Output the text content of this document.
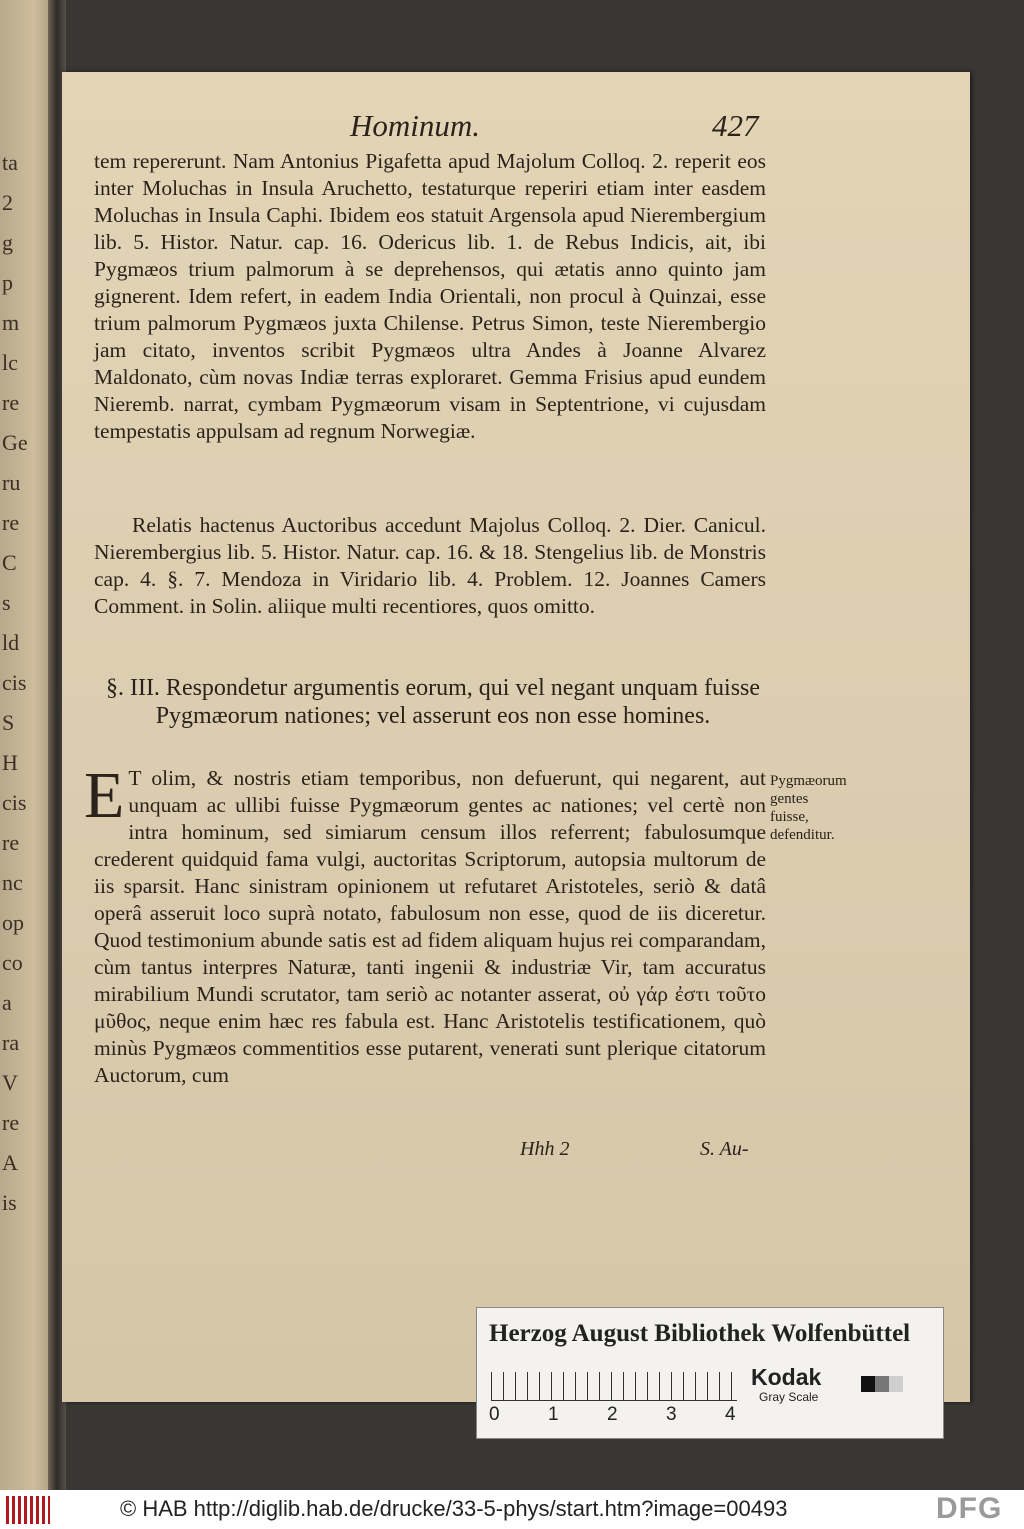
ta
2
g
p
m
lc
re
Ge
ru
re
C
s
ld
cis
S
H
cis
re
nc
op
co
a
ra
V
re
A
is
Hominum.	427
tem repererunt. Nam Antonius Pigafetta apud Majolum Colloq. 2. reperit eos inter Moluchas in Insula Aruchetto, testaturque reperiri etiam inter easdem Moluchas in Insula Caphi. Ibidem eos statuit Argensola apud Nierembergium lib. 5. Histor. Natur. cap. 16. Odericus lib. 1. de Rebus Indicis, ait, ibi Pygmæos trium palmorum à se deprehensos, qui ætatis anno quinto jam gignerent. Idem refert, in eadem India Orientali, non procul à Quinzai, esse trium palmorum Pygmæos juxta Chilense. Petrus Simon, teste Nierembergio jam citato, inventos scribit Pygmæos ultra Andes à Joanne Alvarez Maldonato, cùm novas Indiæ terras exploraret. Gemma Frisius apud eundem Nieremb. narrat, cymbam Pygmæorum visam in Septentrione, vi cujusdam tempestatis appulsam ad regnum Norwegiæ.
Relatis hactenus Auctoribus accedunt Majolus Colloq. 2. Dier. Canicul. Nierembergius lib. 5. Histor. Natur. cap. 16. & 18. Stengelius lib. de Monstris cap. 4. §. 7. Mendoza in Viridario lib. 4. Problem. 12. Joannes Camers Comment. in Solin. aliique multi recentiores, quos omitto.
§. III. Respondetur argumentis eorum, qui vel negant unquam fuisse Pygmæorum nationes; vel asserunt eos non esse homines.
E T olim, & nostris etiam temporibus, non defuerunt, qui negarent, aut unquam ac ullibi fuisse Pygmæorum gentes ac nationes; vel certè non intra hominum, sed simiarum censum illos referrent; fabulosumque crederent quidquid fama vulgi, auctoritas Scriptorum, autopsia multorum de iis sparsit. Hanc sinistram opinionem ut refutaret Aristoteles, seriò & datâ operâ asseruit loco suprà notato, fabulosum non esse, quod de iis diceretur. Quod testimonium abunde satis est ad fidem aliquam hujus rei comparandam, cùm tantus interpres Naturæ, tanti ingenii & industriæ Vir, tam accuratus mirabilium Mundi scrutator, tam seriò ac notanter asserat, οὐ γάρ ἐστι τοῦτο μῦθος, neque enim hæc res fabula est. Hanc Aristotelis testificationem, quò minùs Pygmæos commentitios esse putarent, venerati sunt plerique citatorum Auctorum, cum
Pygmæorum gentes fuisse, defenditur.
Hhh 2	S. Au-
Herzog August Bibliothek Wolfenbüttel
0	1	2	3	4
Kodak
Gray Scale
© HAB http://diglib.hab.de/drucke/33-5-phys/start.htm?image=00493	DFG
